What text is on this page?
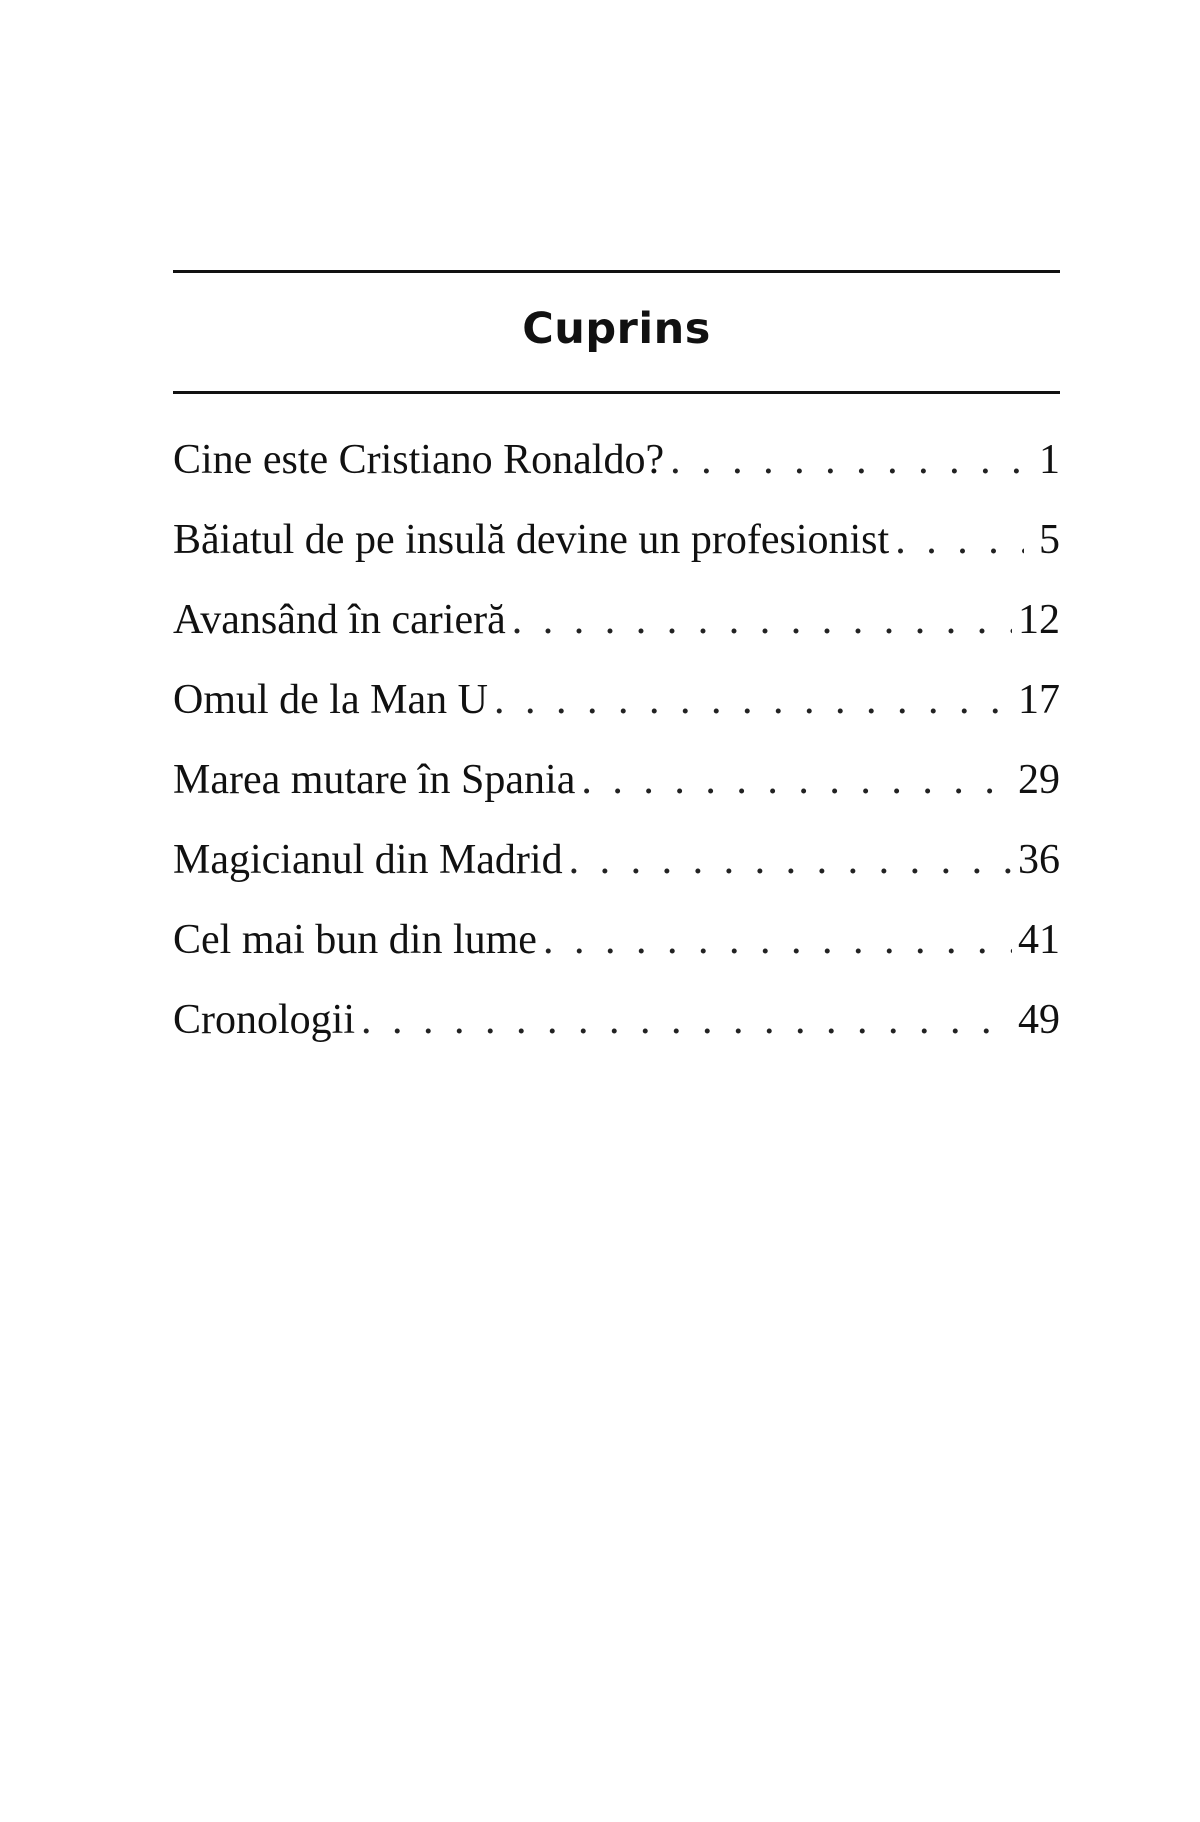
Cuprins
Cine este Cristiano Ronaldo? . . .	1
Băiatul de pe insulă devine un profesionist . . .	5
Avansând în carieră . . .	12
Omul de la Man U . . .	17
Marea mutare în Spania . . .	29
Magicianul din Madrid . . .	36
Cel mai bun din lume . . .	41
Cronologii . . .	49
